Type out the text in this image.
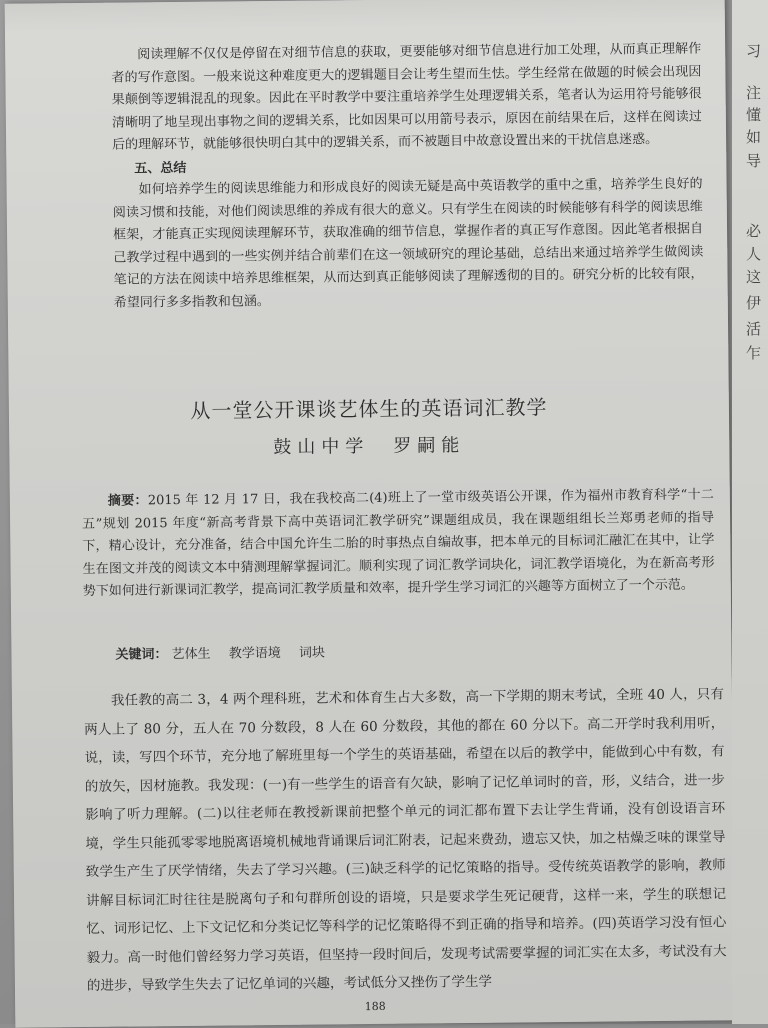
阅读理解不仅仅是停留在对细节信息的获取，更要能够对细节信息进行加工处理，从而真正理解作者的写作意图。一般来说这种难度更大的逻辑题目会让考生望而生怯。学生经常在做题的时候会出现因果颠倒等逻辑混乱的现象。因此在平时教学中要注重培养学生处理逻辑关系，笔者认为运用符号能够很清晰明了地呈现出事物之间的逻辑关系，比如因果可以用箭号表示，原因在前结果在后，这样在阅读过后的理解环节，就能够很快明白其中的逻辑关系，而不被题目中故意设置出来的干扰信息迷惑。

五、总结

如何培养学生的阅读思维能力和形成良好的阅读无疑是高中英语教学的重中之重，培养学生良好的阅读习惯和技能，对他们阅读思维的养成有很大的意义。只有学生在阅读的时候能够有科学的阅读思维框架，才能真正实现阅读理解环节，获取准确的细节信息，掌握作者的真正写作意图。因此笔者根据自己教学过程中遇到的一些实例并结合前辈们在这一领域研究的理论基础，总结出来通过培养学生做阅读笔记的方法在阅读中培养思维框架，从而达到真正能够阅读了理解透彻的目的。研究分析的比较有限，希望同行多多指教和包涵。

从一堂公开课谈艺体生的英语词汇教学
鼓山中学　罗嗣能

摘要：2015 年 12 月 17 日，我在我校高二(4)班上了一堂市级英语公开课，作为福州市教育科学“十二五”规划 2015 年度“新高考背景下高中英语词汇教学研究”课题组成员，我在课题组组长兰郑勇老师的指导下，精心设计，充分准备，结合中国允许生二胎的时事热点自编故事，把本单元的目标词汇融汇在其中，让学生在图文并茂的阅读文本中猜测理解掌握词汇。顺利实现了词汇教学词块化，词汇教学语境化，为在新高考形势下如何进行新课词汇教学，提高词汇教学质量和效率，提升学生学习词汇的兴趣等方面树立了一个示范。

关键词： 艺体生 教学语境 词块

我任教的高二 3，4 两个理科班，艺术和体育生占大多数，高一下学期的期末考试，全班 40 人，只有两人上了 80 分，五人在 70 分数段，8 人在 60 分数段，其他的都在 60 分以下。高二开学时我利用听，说，读，写四个环节，充分地了解班里每一个学生的英语基础，希望在以后的教学中，能做到心中有数，有的放矢，因材施教。我发现：(一)有一些学生的语音有欠缺，影响了记忆单词时的音，形，义结合，进一步影响了听力理解。(二)以往老师在教授新课前把整个单元的词汇都布置下去让学生背诵，没有创设语言环境，学生只能孤零零地脱离语境机械地背诵课后词汇附表，记起来费劲，遗忘又快，加之枯燥乏味的课堂导致学生产生了厌学情绪，失去了学习兴趣。(三)缺乏科学的记忆策略的指导。受传统英语教学的影响，教师讲解目标词汇时往往是脱离句子和句群所创设的语境，只是要求学生死记硬背，这样一来，学生的联想记忆、词形记忆、上下文记忆和分类记忆等科学的记忆策略得不到正确的指导和培养。(四)英语学习没有恒心毅力。高一时他们曾经努力学习英语，但坚持一段时间后，发现考试需要掌握的词汇实在太多，考试没有大的进步，导致学生失去了记忆单词的兴趣，考试低分又挫伤了学生学

188
习
注
懂
如
导
必
人
这
伊
活
乍
